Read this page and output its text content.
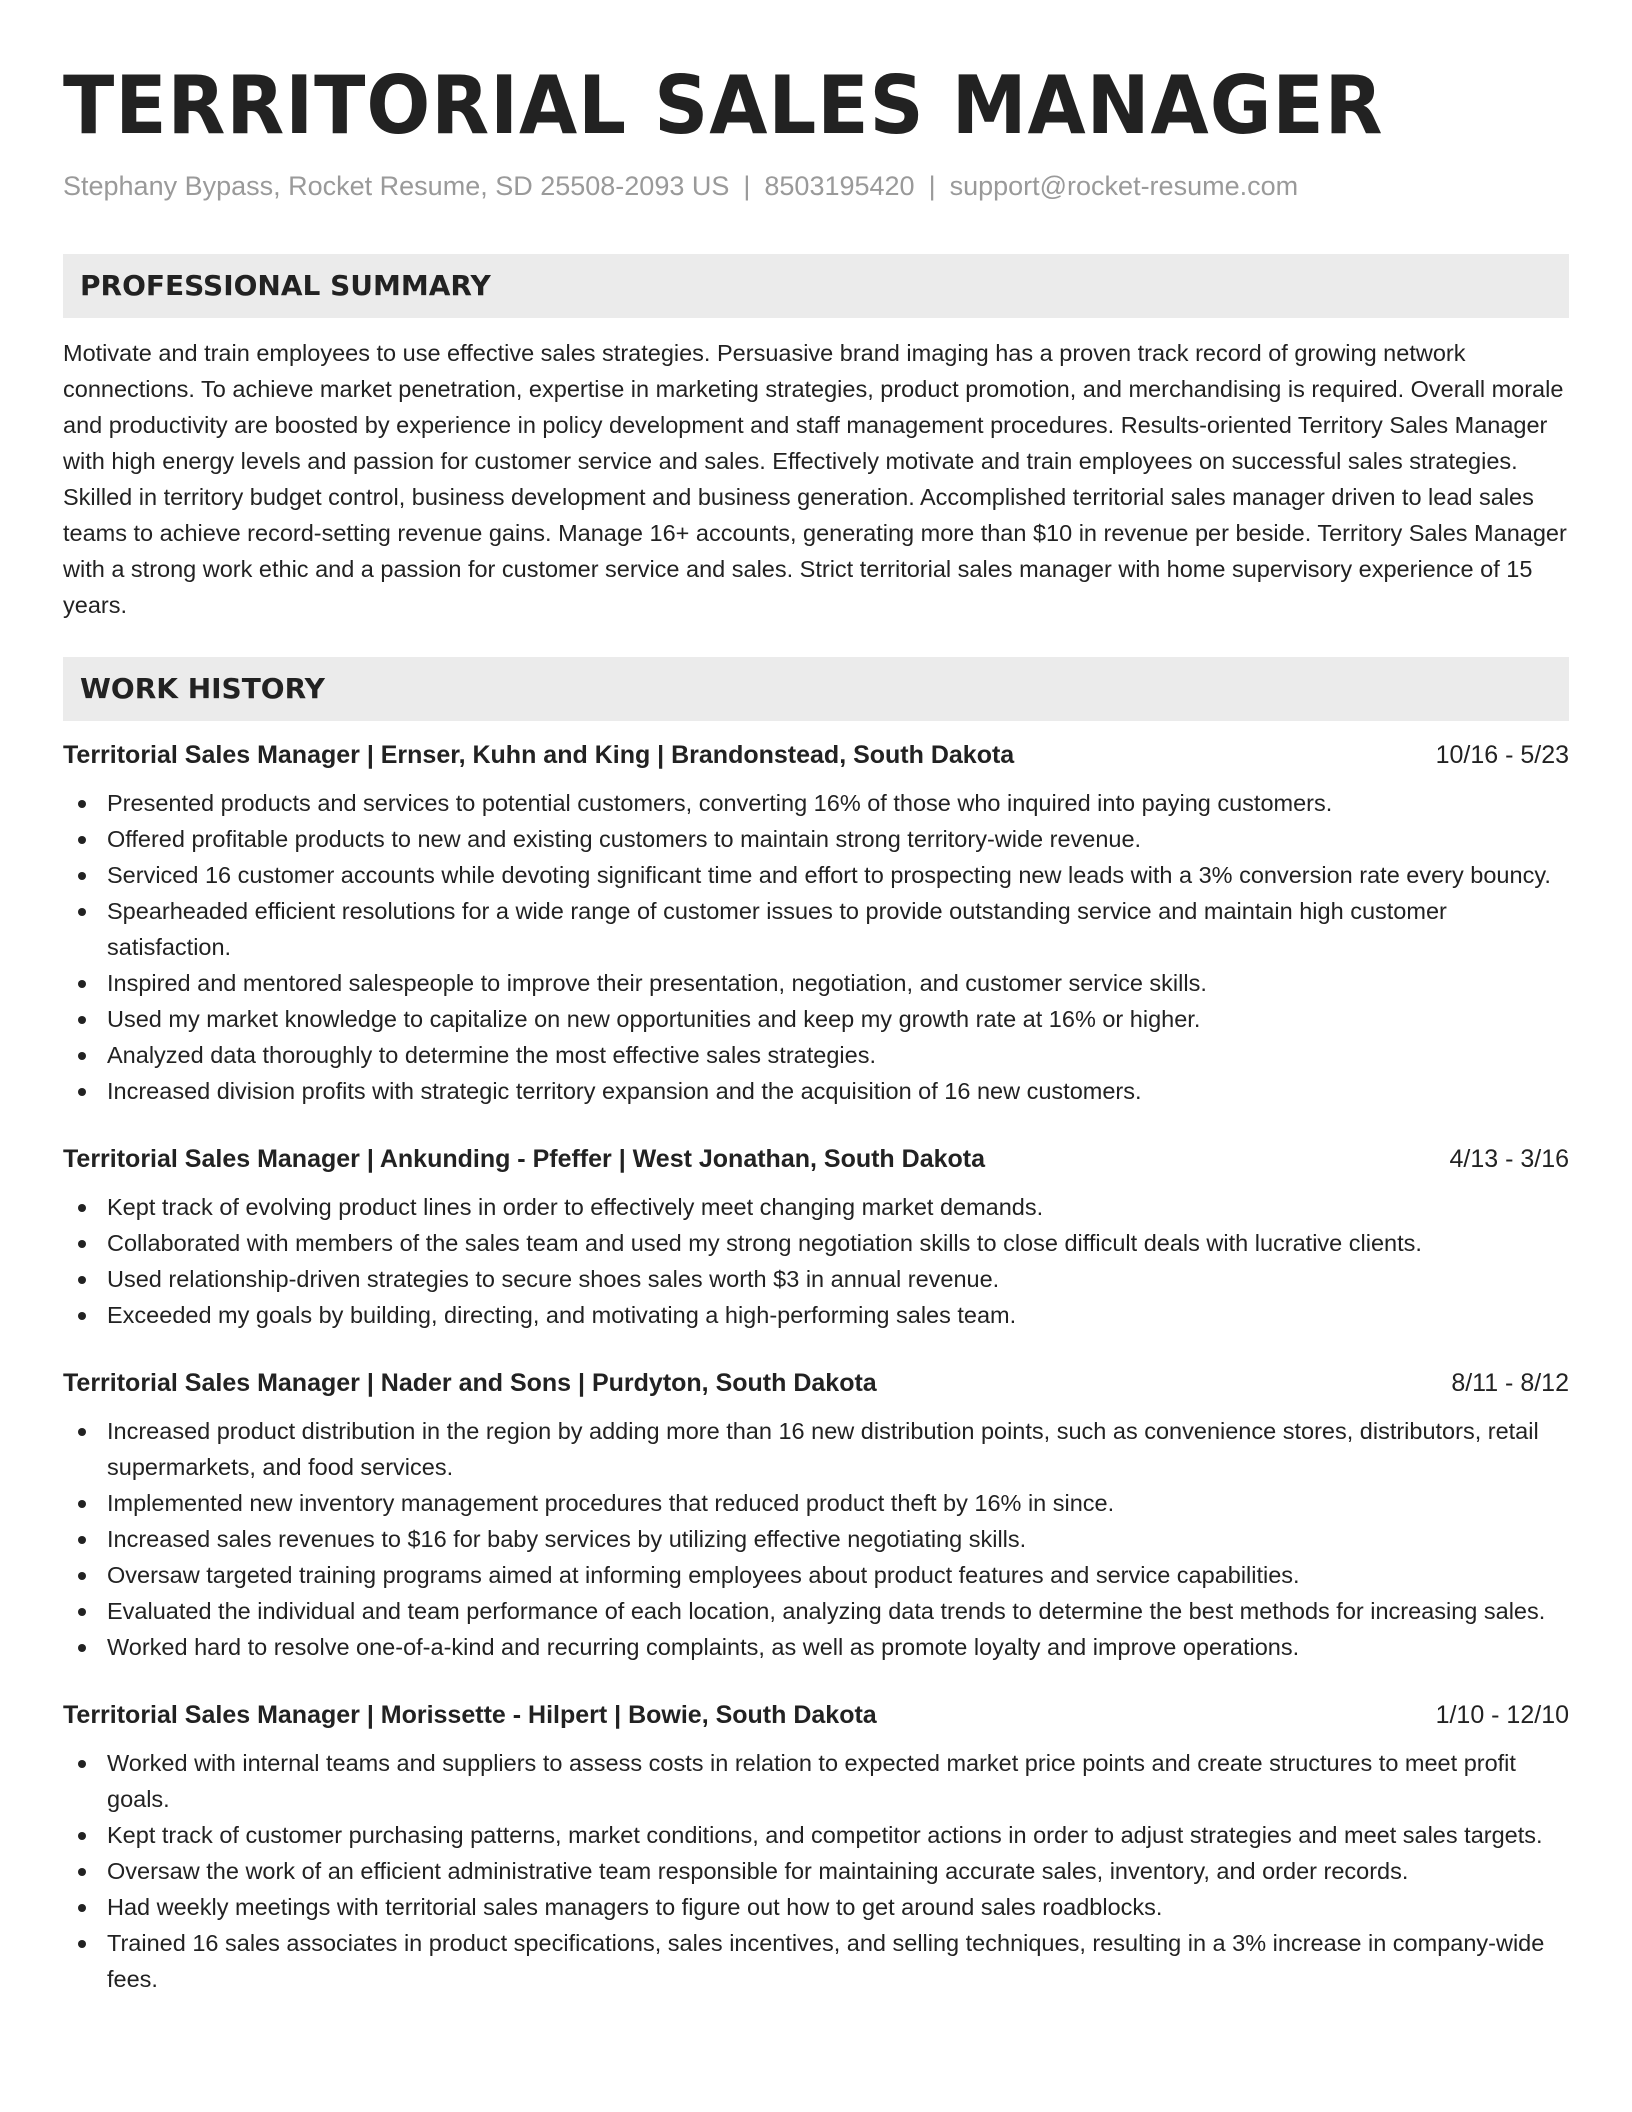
TERRITORIAL SALES MANAGER
Stephany Bypass, Rocket Resume, SD 25508-2093 US | 8503195420 | support@rocket-resume.com
PROFESSIONAL SUMMARY

Motivate and train employees to use effective sales strategies. Persuasive brand imaging has a proven track record of growing network connections. To achieve market penetration, expertise in marketing strategies, product promotion, and merchandising is required. Overall morale and productivity are boosted by experience in policy development and staff management procedures. Results-oriented Territory Sales Manager with high energy levels and passion for customer service and sales. Effectively motivate and train employees on successful sales strategies. Skilled in territory budget control, business development and business generation. Accomplished territorial sales manager driven to lead sales teams to achieve record-setting revenue gains. Manage 16+ accounts, generating more than $10 in revenue per beside. Territory Sales Manager with a strong work ethic and a passion for customer service and sales. Strict territorial sales manager with home supervisory experience of 15 years.

WORK HISTORY
Territorial Sales Manager | Ernser, Kuhn and King | Brandonstead, South Dakota	10/16 - 5/23
Presented products and services to potential customers, converting 16% of those who inquired into paying customers.
Offered profitable products to new and existing customers to maintain strong territory-wide revenue.
Serviced 16 customer accounts while devoting significant time and effort to prospecting new leads with a 3% conversion rate every bouncy.
Spearheaded efficient resolutions for a wide range of customer issues to provide outstanding service and maintain high customer satisfaction.
Inspired and mentored salespeople to improve their presentation, negotiation, and customer service skills.
Used my market knowledge to capitalize on new opportunities and keep my growth rate at 16% or higher.
Analyzed data thoroughly to determine the most effective sales strategies.
Increased division profits with strategic territory expansion and the acquisition of 16 new customers.
Territorial Sales Manager | Ankunding - Pfeffer | West Jonathan, South Dakota	4/13 - 3/16
Kept track of evolving product lines in order to effectively meet changing market demands.
Collaborated with members of the sales team and used my strong negotiation skills to close difficult deals with lucrative clients.
Used relationship-driven strategies to secure shoes sales worth $3 in annual revenue.
Exceeded my goals by building, directing, and motivating a high-performing sales team.
Territorial Sales Manager | Nader and Sons | Purdyton, South Dakota	8/11 - 8/12
Increased product distribution in the region by adding more than 16 new distribution points, such as convenience stores, distributors, retail supermarkets, and food services.
Implemented new inventory management procedures that reduced product theft by 16% in since.
Increased sales revenues to $16 for baby services by utilizing effective negotiating skills.
Oversaw targeted training programs aimed at informing employees about product features and service capabilities.
Evaluated the individual and team performance of each location, analyzing data trends to determine the best methods for increasing sales.
Worked hard to resolve one-of-a-kind and recurring complaints, as well as promote loyalty and improve operations.
Territorial Sales Manager | Morissette - Hilpert | Bowie, South Dakota	1/10 - 12/10
Worked with internal teams and suppliers to assess costs in relation to expected market price points and create structures to meet profit goals.
Kept track of customer purchasing patterns, market conditions, and competitor actions in order to adjust strategies and meet sales targets.
Oversaw the work of an efficient administrative team responsible for maintaining accurate sales, inventory, and order records.
Had weekly meetings with territorial sales managers to figure out how to get around sales roadblocks.
Trained 16 sales associates in product specifications, sales incentives, and selling techniques, resulting in a 3% increase in company-wide fees.
